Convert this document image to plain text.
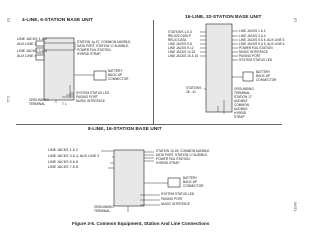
ST
3-11
ST
INSTL
4-LINE, 6-STATION BASE UNIT
LINE JACKS 1 & 2
AUX LINE 3
LINE JACKS 3 & 4
AUX LINE 4
STATION 1p-07, COMMON AUDIBLE,
DATA PORT, STATION 17 AUDIBLE,
POWER FAIL STATION,
HYBRID STRAP
BATTERY
BACK-UP
CONNECTOR
GROUNDING
TERMINAL
SYSTEM STATUS LED
PAGING PORT
MUSIC INTERFACE
T L
16-LINE, 32-STATION BASE UNIT
STATIONS 1-0-3
RELIDS DATA P
RELID DATA
LINE JACKS 5-8
LINE JACKS 9-12
LINE JACKS 13-15
LINE JACKS 15 & 16
LINE JACKS 1 & 2
LINE JACKS 3 & 4
LINE JACKS 5 & 6, AUX LINE 5
LINE JACKS 5 & 6, AUX LINE 6
POWER FAIL STATION
MUSIC INTERFACE
PAGING PORT
SYSTEM STATUS LED
BATTERY
BACK-UP
CONNECTOR
STATIONS
26 - 41
GROUNDING
TERMINAL
STATION 17
AUDIBLE
COMMON
AUDIBLE
HYBRID
STRAP
8-LINE, 16-STATION BASE UNIT
LINE JACKS 1 & 2
LINE JACKS 3 & 4, AUX LINE 3
LINE JACKS 5 & 6
LINE JACKS 7 & 8
STATION 10-25, COMMON AUDIBLE,
DATA PORT, STATION 17 AUDIBLE,
POWER FAIL STATION,
HYBRID STRAP
BATTERY
BACK-UP
CONNECTOR
GROUNDING
TERMINAL
SYSTEM STATUS LED
PAGING PORT
MUSIC INTERFACE
Figure 3-5. Common Equipment, Station And Line Connections
